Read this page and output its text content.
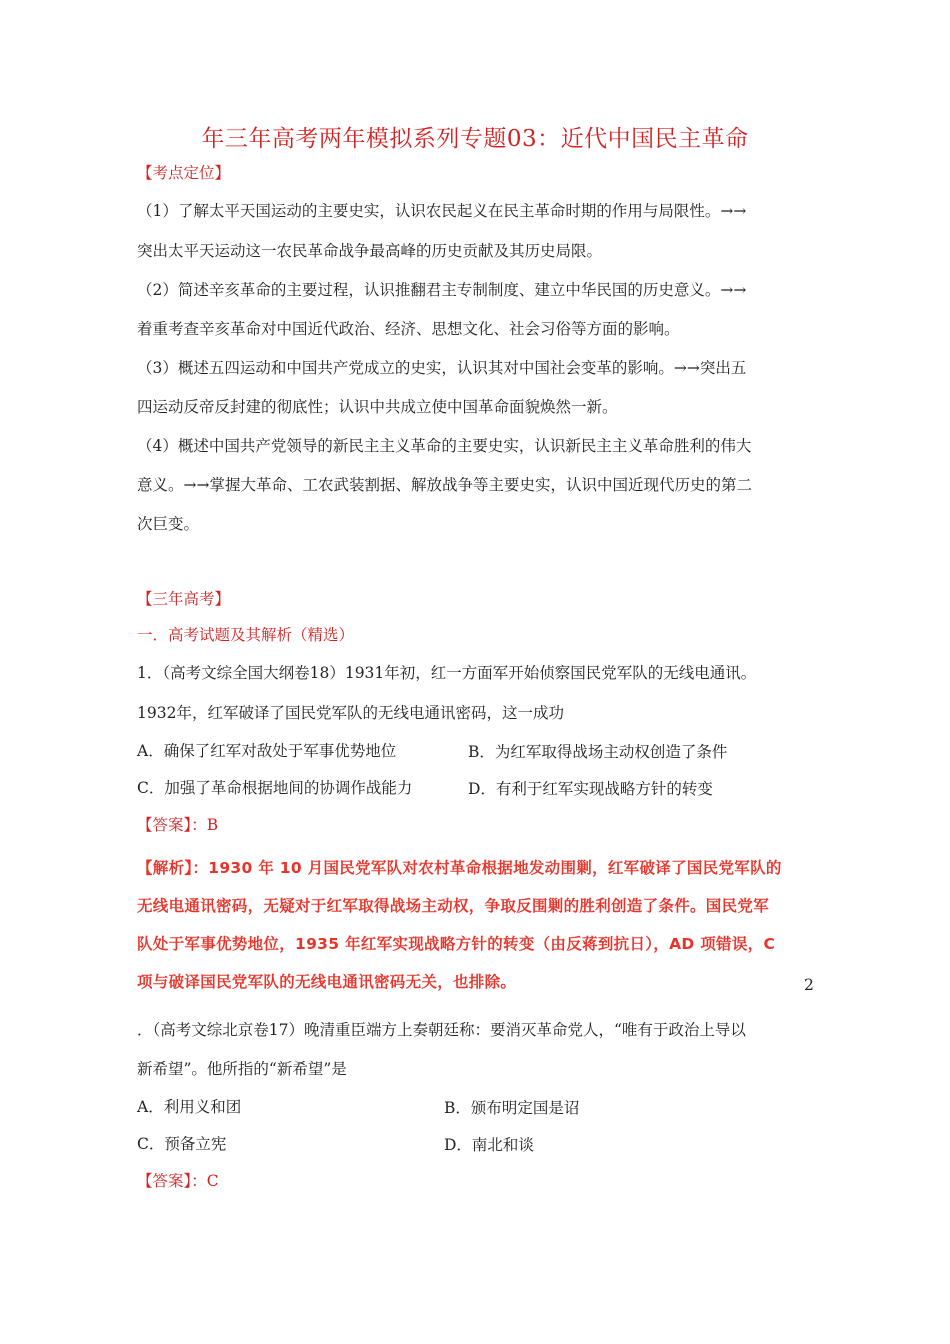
年三年高考两年模拟系列专题03：近代中国民主革命
【考点定位】
（1）了解太平天国运动的主要史实，认识农民起义在民主革命时期的作用与局限性。→→
突出太平天运动这一农民革命战争最高峰的历史贡献及其历史局限。
（2）简述辛亥革命的主要过程，认识推翻君主专制制度、建立中华民国的历史意义。→→
着重考查辛亥革命对中国近代政治、经济、思想文化、社会习俗等方面的影响。
（3）概述五四运动和中国共产党成立的史实，认识其对中国社会变革的影响。→→突出五
四运动反帝反封建的彻底性；认识中共成立使中国革命面貌焕然一新。
（4）概述中国共产党领导的新民主主义革命的主要史实，认识新民主主义革命胜利的伟大
意义。→→掌握大革命、工农武装割据、解放战争等主要史实，认识中国近现代历史的第二
次巨变。
【三年高考】
一．高考试题及其解析（精选）
1．（高考文综全国大纲卷18）1931年初，红一方面军开始侦察国民党军队的无线电通讯。
1932年，红军破译了国民党军队的无线电通讯密码，这一成功
A．确保了红军对敌处于军事优势地位	B．为红军取得战场主动权创造了条件
C．加强了革命根据地间的协调作战能力	D．有利于红军实现战略方针的转变
【答案】：B
【解析】：1930 年 10 月国民党军队对农村革命根据地发动围剿，红军破译了国民党军队的
无线电通讯密码，无疑对于红军取得战场主动权，争取反围剿的胜利创造了条件。国民党军
队处于军事优势地位，1935 年红军实现战略方针的转变（由反蒋到抗日），AD 项错误，C
项与破译国民党军队的无线电通讯密码无关，也排除。	2
．（高考文综北京卷17）晚清重臣端方上奏朝廷称：要消灭革命党人，“唯有于政治上导以
新希望”。他所指的“新希望”是
A．利用义和团	B．颁布明定国是诏
C．预备立宪	D．南北和谈
【答案】：C
